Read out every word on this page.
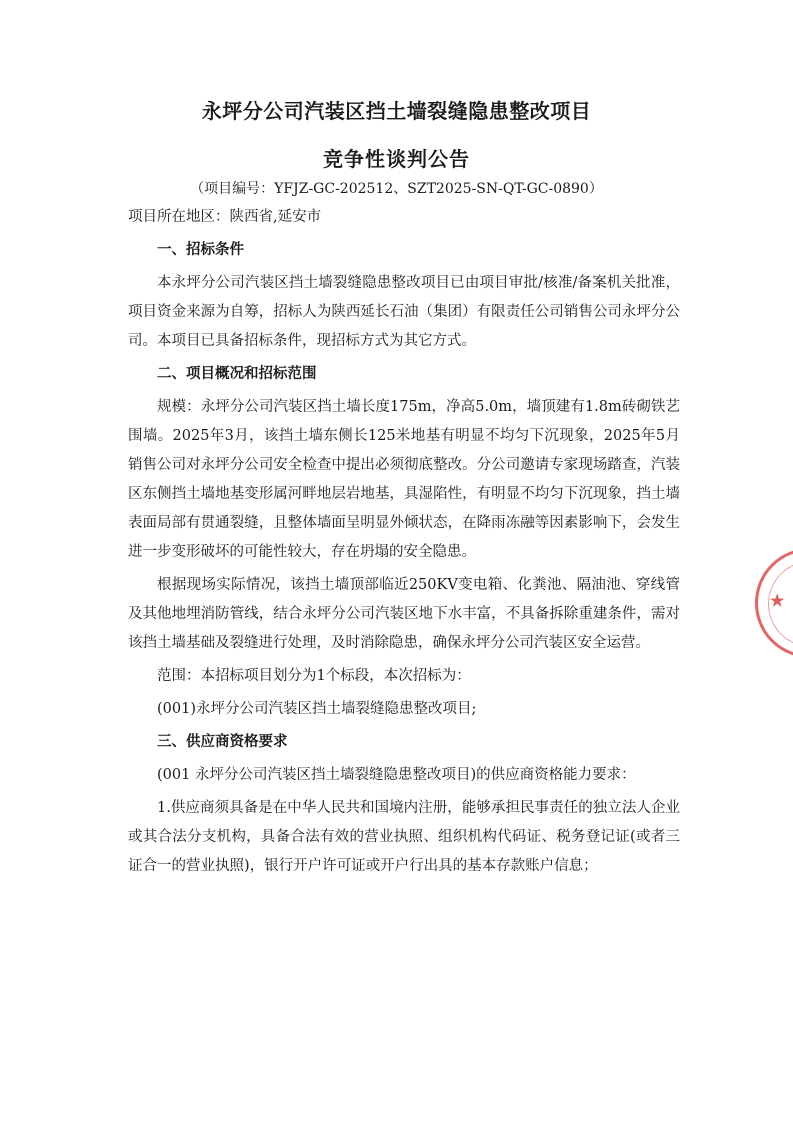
永坪分公司汽装区挡土墙裂缝隐患整改项目
竞争性谈判公告
（项目编号：YFJZ-GC-202512、SZT2025-SN-QT-GC-0890）
项目所在地区：陕西省,延安市
一、招标条件

本永坪分公司汽装区挡土墙裂缝隐患整改项目已由项目审批/核准/备案机关批准，项目资金来源为自筹，招标人为陕西延长石油（集团）有限责任公司销售公司永坪分公司。本项目已具备招标条件，现招标方式为其它方式。

二、项目概况和招标范围

规模：永坪分公司汽装区挡土墙长度175m，净高5.0m，墙顶建有1.8m砖砌铁艺围墙。2025年3月，该挡土墙东侧长125米地基有明显不均匀下沉现象，2025年5月销售公司对永坪分公司安全检查中提出必须彻底整改。分公司邀请专家现场踏查，汽装区东侧挡土墙地基变形属河畔地层岩地基，具湿陷性，有明显不均匀下沉现象，挡土墙表面局部有贯通裂缝，且整体墙面呈明显外倾状态，在降雨冻融等因素影响下，会发生进一步变形破坏的可能性较大，存在坍塌的安全隐患。

根据现场实际情况，该挡土墙顶部临近250KV变电箱、化粪池、隔油池、穿线管及其他地埋消防管线，结合永坪分公司汽装区地下水丰富，不具备拆除重建条件，需对该挡土墙基础及裂缝进行处理，及时消除隐患，确保永坪分公司汽装区安全运营。

范围：本招标项目划分为1个标段，本次招标为：

(001)永坪分公司汽装区挡土墙裂缝隐患整改项目;

三、供应商资格要求

(001 永坪分公司汽装区挡土墙裂缝隐患整改项目)的供应商资格能力要求：

1.供应商须具备是在中华人民共和国境内注册，能够承担民事责任的独立法人企业或其合法分支机构，具备合法有效的营业执照、组织机构代码证、税务登记证(或者三证合一的营业执照)，银行开户许可证或开户行出具的基本存款账户信息；

★
